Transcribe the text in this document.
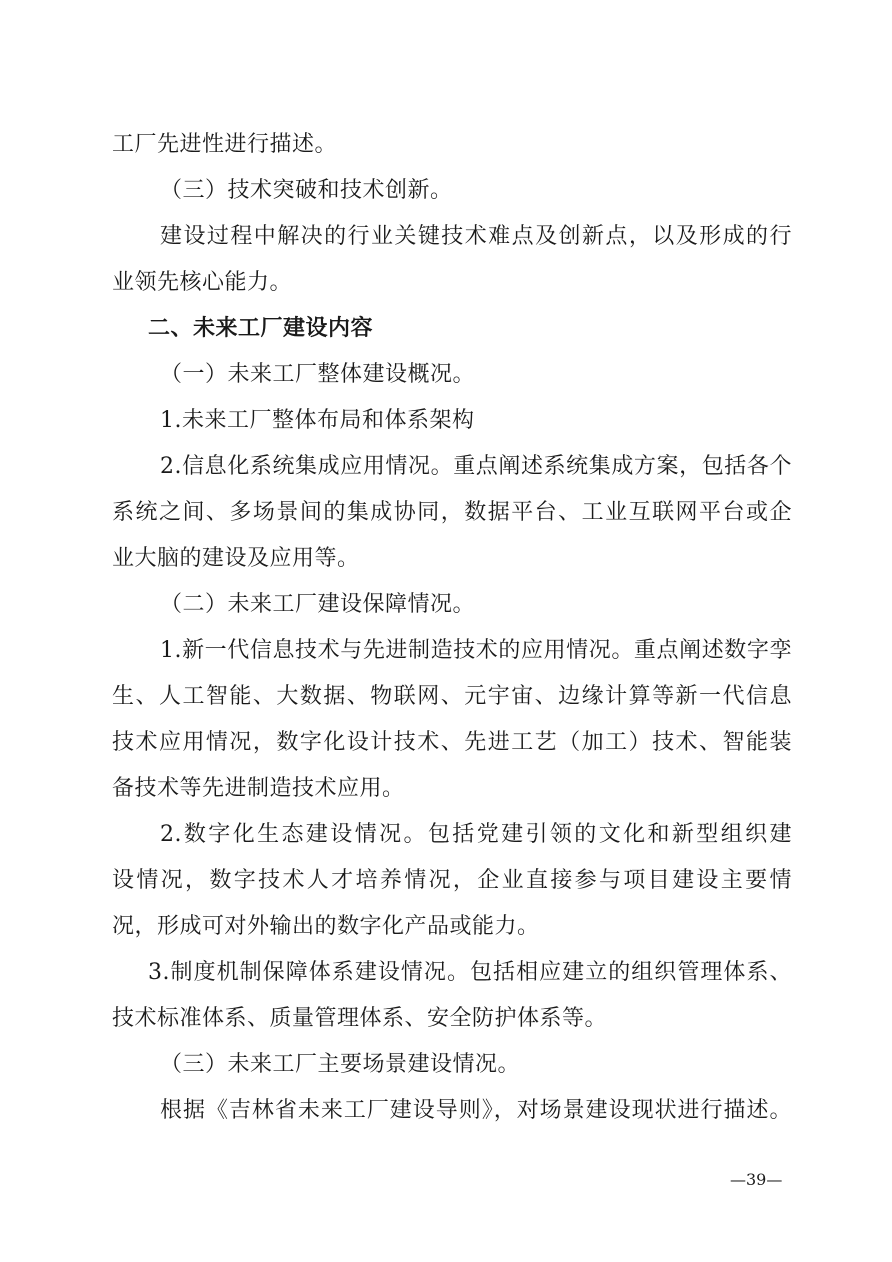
工厂先进性进行描述。
（三）技术突破和技术创新。
建设过程中解决的行业关键技术难点及创新点，以及形成的行
业领先核心能力。
二、未来工厂建设内容
（一）未来工厂整体建设概况。
1.未来工厂整体布局和体系架构
2.信息化系统集成应用情况。重点阐述系统集成方案，包括各个
系统之间、多场景间的集成协同，数据平台、工业互联网平台或企
业大脑的建设及应用等。
（二）未来工厂建设保障情况。
1.新一代信息技术与先进制造技术的应用情况。重点阐述数字孪
生、人工智能、大数据、物联网、元宇宙、边缘计算等新一代信息
技术应用情况，数字化设计技术、先进工艺（加工）技术、智能装
备技术等先进制造技术应用。
2.数字化生态建设情况。包括党建引领的文化和新型组织建
设情况，数字技术人才培养情况，企业直接参与项目建设主要情
况，形成可对外输出的数字化产品或能力。
3.制度机制保障体系建设情况。包括相应建立的组织管理体系、
技术标准体系、质量管理体系、安全防护体系等。
（三）未来工厂主要场景建设情况。
根据《吉林省未来工厂建设导则》，对场景建设现状进行描述。
—39—
